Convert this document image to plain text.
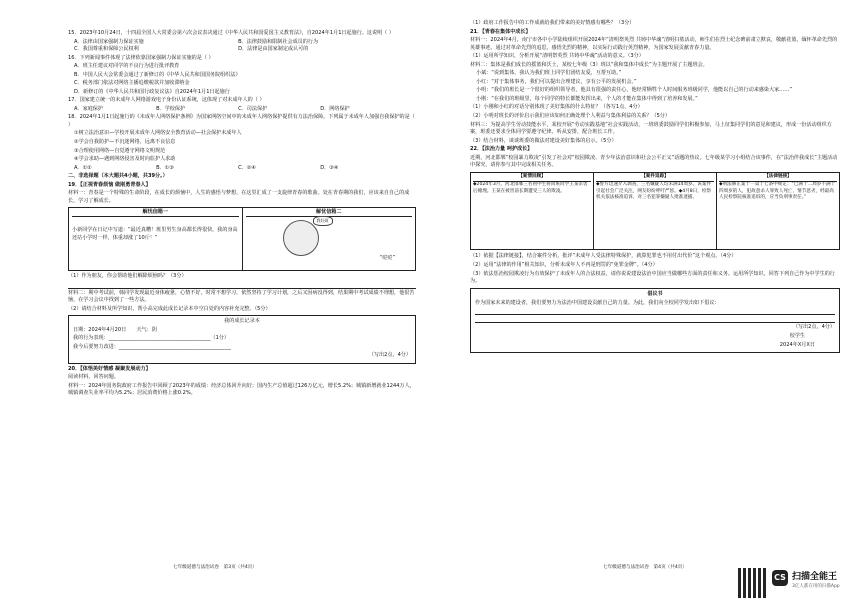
15．2023年10月24日，十四届全国人大常委会第六次会议表决通过《中华人民共和国爱国主义教育法》，自2024年1月1日起施行。这说明（ ）

A．法律由国家强制力保证实施	B．法律鼓励和限制社会成员的行为C．我国尊重和保障公民权利	D．法律是由国家制定或认可的

16．下列新闻事件体现了法律依靠国家强制力保证实施的是（ ）

A．班主任建议对同学的不良行为进行批评教育

B．中国人民大会常委会通过了新修订的《中华人民共和国国务院组织法》

C．税务部门依法对网络主播追缴税款并加收滞纳金

D．新修订的《中华人民共和国行政复议法》自2024年1月1日起施行

17．国家建立统一的未成年人网络游戏电子身份认证系统，这体现了对未成年人的（ ）

A．家庭保护	B．学校保护	C．司法保护	D．网络保护

18．2024年1月1日起施行的《未成年人网络保护条例》为国家网络空间中的未成年人网络保护提供有力法治保障。下列属于未成年人加强自我保护的是（ ）

①树立法治意识—学校开展未成年人网络安全教育活动—社会保护未成年人

②学会自我防护—不沉迷网络，远离不良信息

③合理使用网络—自觉遵守网络文明规范

④学会求助—遇到网络侵害及时向监护人求助

A．①②	B．①③	C．②④	D．③④

二、非选择题（本大题共4小题，共39分。）

19．【正视青春烦恼 做刚勇青春人】

材料一：青春是一个特殊的生命阶段，在成长的烦恼中，人生的感悟与梦想，在这里汇成了一支旋律青春的歌曲。处在青春期的我们，应该来自自己的成长，学习了解成长。

解忧信箱一

小新同学在日记中写道：“最近真糟！班里男生身高都长得很快，我的身高还站小学时一样，体重却涨了10斤！”

解忧信箱二
我好烦
“痘痘”

（1）作为朋友，你会帮助他们解除烦恼吗？（3分）

材料二：期中考试前，韩同学发现最近身体疲惫，心情不好，时常不想学习，依然坚持了学习计划，之后又因病没得到，结果期中考试成绩不理想，他很苦恼，在学习会议中找到了一些方法。

（2）请结合材料及所学知识，帮小高完成此成长记录本中空白处的内容补充完整。（5分）

我的成长记录本

日期：2024年4月20日　　 天气：阴

我的行为表现：________________________________________（1分）

我今后要努力改进：____________________________________________

（写出2点，4分）

20．【体悟美好情感 凝聚发展动力】

阅读材料，回答问题。

材料一：2024年国务院政府工作报告中回顾了2023年的成绩：经济总体回升向好；国内生产总值超过126万亿元，增长5.2%；城镇新增就业1244万人，城镇调查失业率平均为5.2%；居民消费价格上涨0.2%。

七年级道德与法治试卷　第3页（共4页）

（1）政府工作报告中的工作成就给我们带来的美好情感有哪些？（3分）

21．【青春在集体中成长】

材料一：2024年4月，南宁市各中小学陆续组织开展2024年“清明祭英烈 共铸中华魂”清明扫墓活动，师生们在烈士纪念碑前肃立默哀，敬献花篮，缅怀革命先烈的英雄事迹。通过对革命先烈的追思，感悟先烈的精神，以实际行动践行英烈精神，为国家发展贡献青春力量。

（1）运用所学知识，分析开展“清明祭英烈 共铸中华魂”活动的意义。（3分）

材料二：集体是我们成长的摇篮和沃土，某校七年级（3）班以“我和集体中成长”为主题开展了主题班会。

小斌：“说到集体，我认为我们班上同学们团结友爱，互帮互助。”

小红：“对于集体事务，我们可以提出合理建议，享有公平的发展机会。”

小明：“我们的班长是一个很好的组织领导者，他具有很强的责任心，他经常牺牲个人时间服务班级同学，他能以自己的行动来感染大家……”

小刚：“在我们的班级里，每个同学的特长都能发挥出来，个人的才能在集体中得到了培养和发展。”

（1）小刚和小红的对话分别体现了美好集体的什么特征？（各写1点，4分）

（2）小明对班长的评价启示我们应该如何正确处理个人利益与集体利益的关系？（5分）

材料三：为提高学生劳动技能水平，某校开展“劳动实践基地”社会实践活动，一班班委鼓励同学们积极参加，马上征集同学们的意见和建议，形成一份活动组织方案，班委还要求全体同学要遵守纪律、听从安排，配合班长工作。

（3）结合材料，谈谈班委的做法对建设美好集体的启示。（5分）

22．【法治力量 呵护成长】

近期，河北邯郸“校园暴力欺凌”引发了社会对“校园欺凌、青少年法治意识和社会公平正义”话题的热议。七年级某学习小组结合该事件，在“法治伴我成长”主题活动中探究，请你参与其中完成相关任务。

【案情回顾】

◆2024年3月，河北邯郸三名初中生将同班同学王某杀害后掩埋。王某在被害前长期遭受三人的欺凌。

【案件追踪】

◆警方迅速介入调查，三名嫌疑人均未满14周岁。该案件引起社会广泛关注，网友纷纷呼吁严惩。◆4月8日，检察机关依法核准追诉，对三名犯罪嫌疑人批准逮捕。

【法律链接】

◆刑法修正案十一第十七条中规定：“已满十二周岁不满十四周岁的人，犯故意杀人罪致人死亡，情节恶劣，经最高人民检察院核准追诉的，应当负刑事责任。”

（1）依据【法律链接】，结合案件分析，批评“未成年人受法律特殊保护，就算犯罪也不用付出代价”这个观点。（4分）

（2）运用“法律的作用”相关知识，分析未成年人不再是刑罚的“免罪金牌”。（4分）

（3）依法惩治校园欺凌行为有效保护了未成年人的合法权益，请你说说建设法治中国应当做哪些方面的责任和义务。运用所学知识，回答下列自己作为中学生的行为。

倡议书

作为国家未来的建设者，我们要努力为法治中国建设贡献自己的力量。为此，我们向全校同学发出如下倡议：

（写出2点，4分）

校学生

2024年X月X日

七年级道德与法治试卷　第4页（共4页）
CS 扫描全能王
3亿人都在用的扫描App
